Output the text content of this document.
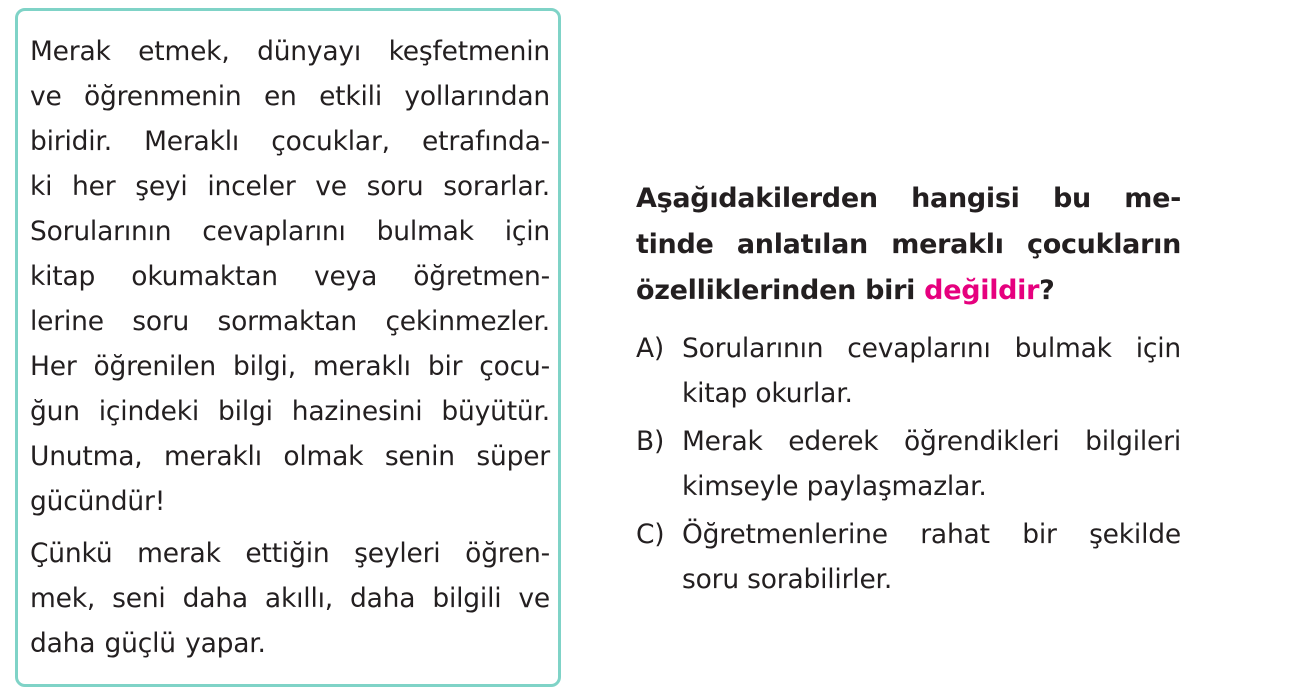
Merak etmek, dünyayı keşfetmenin
ve öğrenmenin en etkili yollarından
biridir. Meraklı çocuklar, etrafında-
ki her şeyi inceler ve soru sorarlar.
Sorularının cevaplarını bulmak için
kitap okumaktan veya öğretmen-
lerine soru sormaktan çekinmezler.
Her öğrenilen bilgi, meraklı bir çocu-
ğun içindeki bilgi hazinesini büyütür.
Unutma, meraklı olmak senin süper
gücündür!
Çünkü merak ettiğin şeyleri öğren-
mek, seni daha akıllı, daha bilgili ve
daha güçlü yapar.
Aşağıdakilerden hangisi bu me-
tinde anlatılan meraklı çocukların
özelliklerinden biri değildir?
A) Sorularının cevaplarını bulmak için
kitap okurlar.
B) Merak ederek öğrendikleri bilgileri
kimseyle paylaşmazlar.
C) Öğretmenlerine rahat bir şekilde
soru sorabilirler.
